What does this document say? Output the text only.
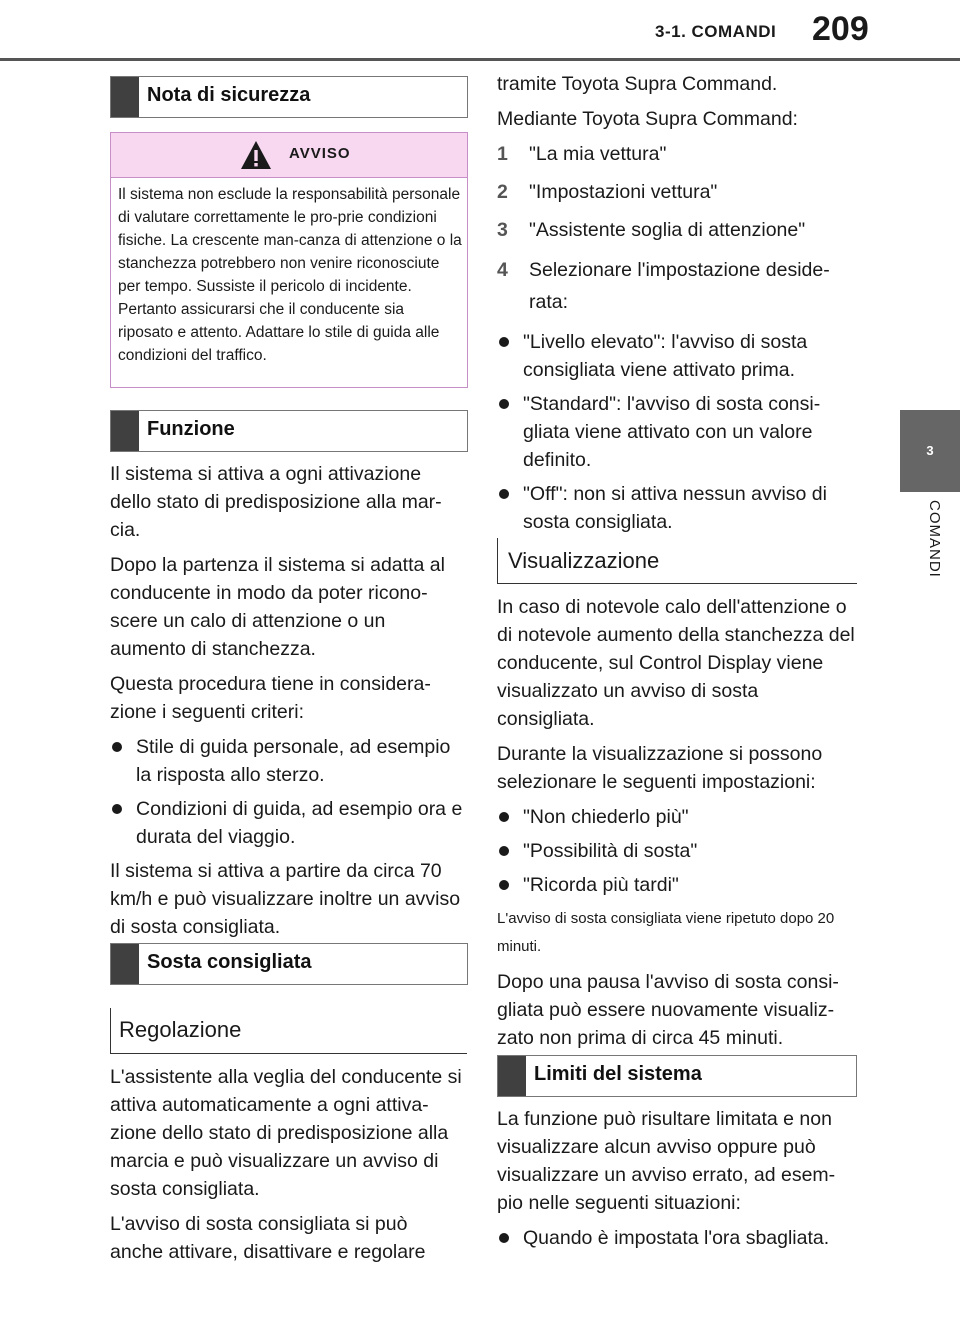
3-1. COMANDI 209
3
COMANDI
Nota di sicurezza
AVVISO
Il sistema non esclude la responsabilità personale di valutare correttamente le pro-prie condizioni fisiche. La crescente man-canza di attenzione o la stanchezza potrebbero non venire riconosciute per tempo. Sussiste il pericolo di incidente. Pertanto assicurarsi che il conducente sia riposato e attento. Adattare lo stile di guida alle condizioni del traffico.
Funzione

Il sistema si attiva a ogni attivazione dello stato di predisposizione alla mar-cia.

Dopo la partenza il sistema si adatta al conducente in modo da poter ricono-scere un calo di attenzione o un aumento di stanchezza.

Questa procedura tiene in considera-zione i seguenti criteri:

Stile di guida personale, ad esempio la risposta allo sterzo.
Condizioni di guida, ad esempio ora e durata del viaggio.

Il sistema si attiva a partire da circa 70 km/h e può visualizzare inoltre un avviso di sosta consigliata.

Sosta consigliata
Regolazione

L'assistente alla veglia del conducente si attiva automaticamente a ogni attiva-zione dello stato di predisposizione alla marcia e può visualizzare un avviso di sosta consigliata.

L'avviso di sosta consigliata si può anche attivare, disattivare e regolare

tramite Toyota Supra Command.

Mediante Toyota Supra Command:

1 "La mia vettura"
2 "Impostazioni vettura"
3 "Assistente soglia di attenzione"
4 Selezionare l'impostazione deside-rata:
"Livello elevato": l'avviso di sosta consigliata viene attivato prima.
"Standard": l'avviso di sosta consi-gliata viene attivato con un valore definito.
"Off": non si attiva nessun avviso di sosta consigliata.
Visualizzazione

In caso di notevole calo dell'attenzione o di notevole aumento della stanchezza del conducente, sul Control Display viene visualizzato un avviso di sosta consigliata.

Durante la visualizzazione si possono selezionare le seguenti impostazioni:

"Non chiederlo più"
"Possibilità di sosta"
"Ricorda più tardi"

L'avviso di sosta consigliata viene ripetuto dopo 20 minuti.

Dopo una pausa l'avviso di sosta consi-gliata può essere nuovamente visualiz-zato non prima di circa 45 minuti.

Limiti del sistema

La funzione può risultare limitata e non visualizzare alcun avviso oppure può visualizzare un avviso errato, ad esem-pio nelle seguenti situazioni:

Quando è impostata l'ora sbagliata.
